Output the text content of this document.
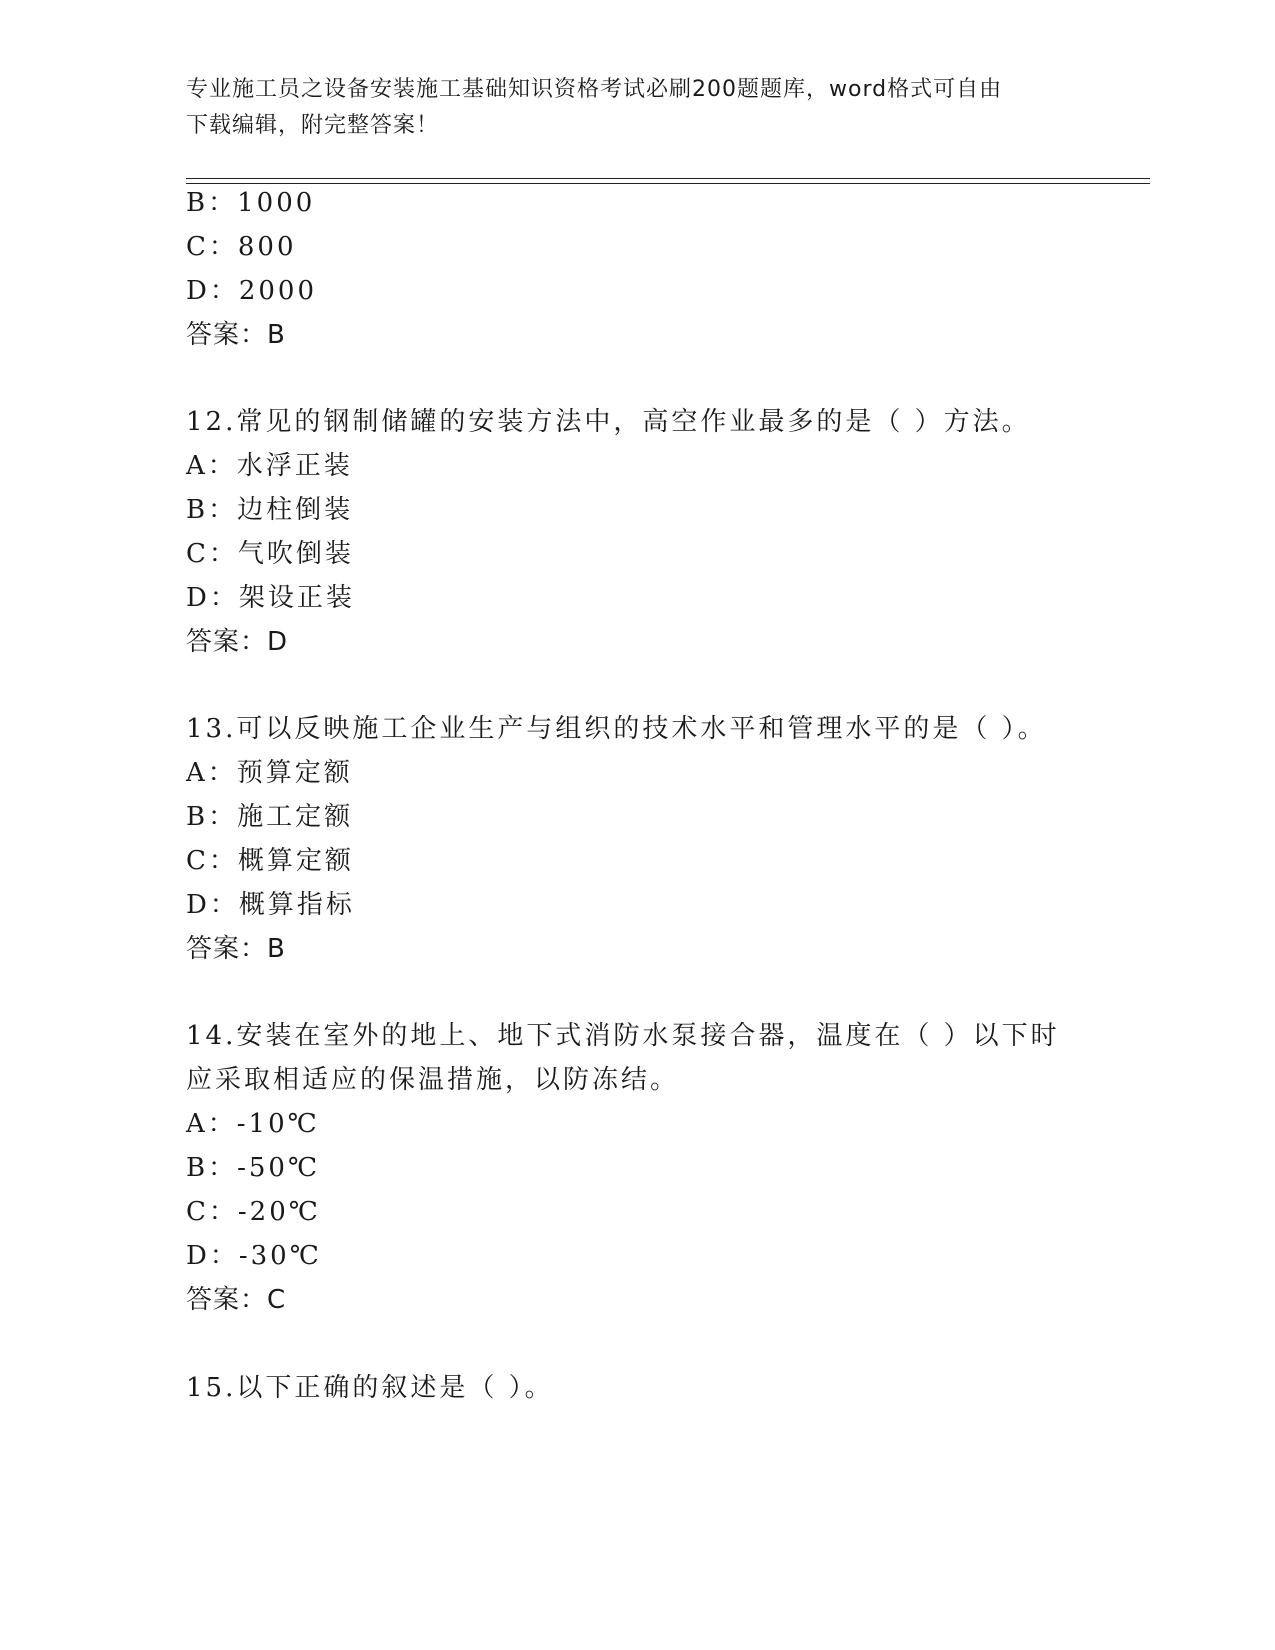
专业施工员之设备安装施工基础知识资格考试必刷200题题库，word格式可自由
下载编辑，附完整答案！
B：1000
C：800
D：2000
答案：B
12.常见的钢制储罐的安装方法中，高空作业最多的是（ ）方法。
A：水浮正装
B：边柱倒装
C：气吹倒装
D：架设正装
答案：D
13.可以反映施工企业生产与组织的技术水平和管理水平的是（ ）。
A：预算定额
B：施工定额
C：概算定额
D：概算指标
答案：B
14.安装在室外的地上、地下式消防水泵接合器，温度在（ ）以下时
应采取相适应的保温措施，以防冻结。
A：-10℃
B：-50℃
C：-20℃
D：-30℃
答案：C
15.以下正确的叙述是（ ）。
